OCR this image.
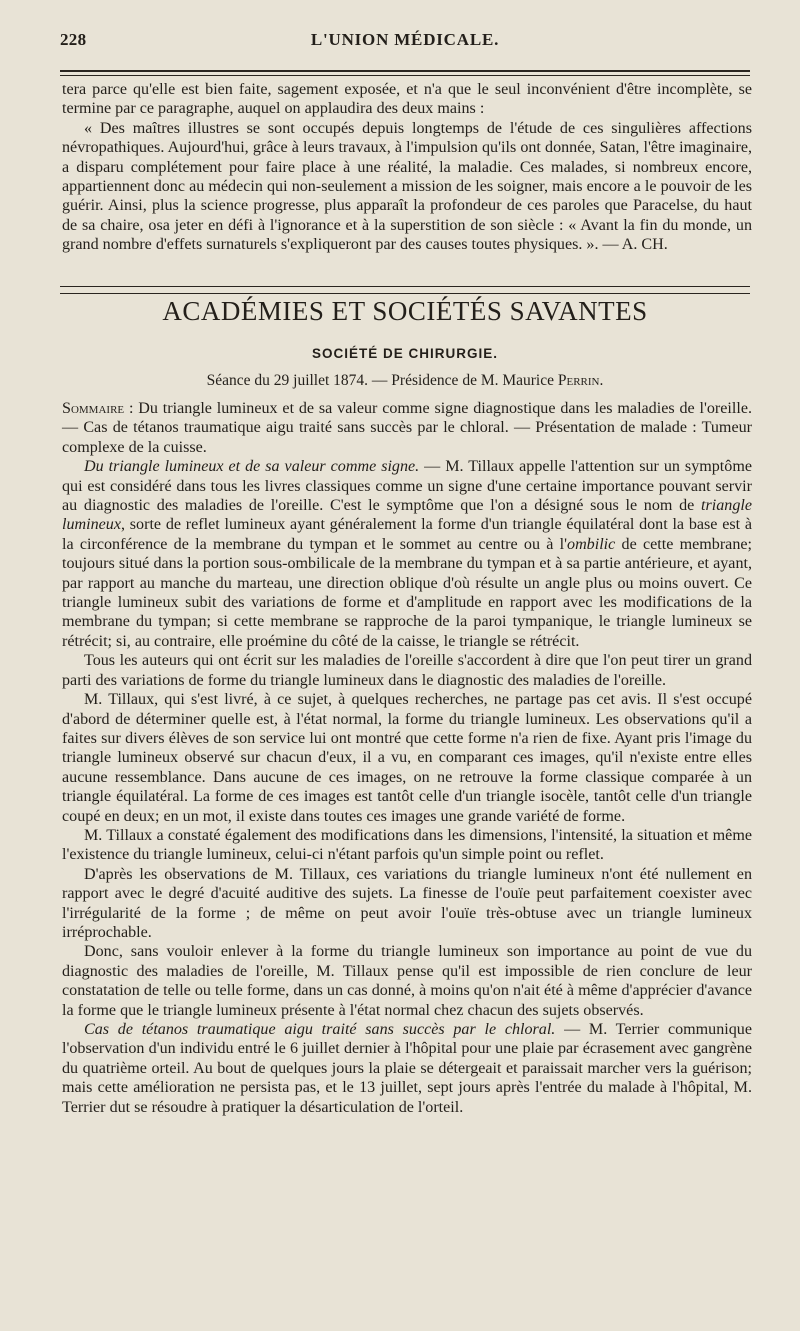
228	L'UNION MÉDICALE.

tera parce qu'elle est bien faite, sagement exposée, et n'a que le seul inconvénient d'être incomplète, se termine par ce paragraphe, auquel on applaudira des deux mains :

« Des maîtres illustres se sont occupés depuis longtemps de l'étude de ces singulières affections névropathiques. Aujourd'hui, grâce à leurs travaux, à l'impulsion qu'ils ont donnée, Satan, l'être imaginaire, a disparu complétement pour faire place à une réalité, la maladie. Ces malades, si nombreux encore, appartiennent donc au médecin qui non-seulement a mission de les soigner, mais encore a le pouvoir de les guérir. Ainsi, plus la science progresse, plus apparaît la profondeur de ces paroles que Paracelse, du haut de sa chaire, osa jeter en défi à l'ignorance et à la superstition de son siècle : « Avant la fin du monde, un grand nombre d'effets surnaturels s'expliqueront par des causes toutes physiques. ». — A. CH.

ACADÉMIES ET SOCIÉTÉS SAVANTES
SOCIÉTÉ DE CHIRURGIE.
Séance du 29 juillet 1874. — Présidence de M. Maurice Perrin.

Sommaire : Du triangle lumineux et de sa valeur comme signe diagnostique dans les maladies de l'oreille. — Cas de tétanos traumatique aigu traité sans succès par le chloral. — Présentation de malade : Tumeur complexe de la cuisse.

Du triangle lumineux et de sa valeur comme signe. — M. Tillaux appelle l'attention sur un symptôme qui est considéré dans tous les livres classiques comme un signe d'une certaine importance pouvant servir au diagnostic des maladies de l'oreille. C'est le symptôme que l'on a désigné sous le nom de triangle lumineux, sorte de reflet lumineux ayant généralement la forme d'un triangle équilatéral dont la base est à la circonférence de la membrane du tympan et le sommet au centre ou à l'ombilic de cette membrane; toujours situé dans la portion sous-ombilicale de la membrane du tympan et à sa partie antérieure, et ayant, par rapport au manche du marteau, une direction oblique d'où résulte un angle plus ou moins ouvert. Ce triangle lumineux subit des variations de forme et d'amplitude en rapport avec les modifications de la membrane du tympan; si cette membrane se rapproche de la paroi tympanique, le triangle lumineux se rétrécit; si, au contraire, elle proémine du côté de la caisse, le triangle se rétrécit.

Tous les auteurs qui ont écrit sur les maladies de l'oreille s'accordent à dire que l'on peut tirer un grand parti des variations de forme du triangle lumineux dans le diagnostic des maladies de l'oreille.

M. Tillaux, qui s'est livré, à ce sujet, à quelques recherches, ne partage pas cet avis. Il s'est occupé d'abord de déterminer quelle est, à l'état normal, la forme du triangle lumineux. Les observations qu'il a faites sur divers élèves de son service lui ont montré que cette forme n'a rien de fixe. Ayant pris l'image du triangle lumineux observé sur chacun d'eux, il a vu, en comparant ces images, qu'il n'existe entre elles aucune ressemblance. Dans aucune de ces images, on ne retrouve la forme classique comparée à un triangle équilatéral. La forme de ces images est tantôt celle d'un triangle isocèle, tantôt celle d'un triangle coupé en deux; en un mot, il existe dans toutes ces images une grande variété de forme.

M. Tillaux a constaté également des modifications dans les dimensions, l'intensité, la situation et même l'existence du triangle lumineux, celui-ci n'étant parfois qu'un simple point ou reflet.

D'après les observations de M. Tillaux, ces variations du triangle lumineux n'ont été nullement en rapport avec le degré d'acuité auditive des sujets. La finesse de l'ouïe peut parfaitement coexister avec l'irrégularité de la forme ; de même on peut avoir l'ouïe très-obtuse avec un triangle lumineux irréprochable.

Donc, sans vouloir enlever à la forme du triangle lumineux son importance au point de vue du diagnostic des maladies de l'oreille, M. Tillaux pense qu'il est impossible de rien conclure de leur constatation de telle ou telle forme, dans un cas donné, à moins qu'on n'ait été à même d'apprécier d'avance la forme que le triangle lumineux présente à l'état normal chez chacun des sujets observés.

Cas de tétanos traumatique aigu traité sans succès par le chloral. — M. Terrier communique l'observation d'un individu entré le 6 juillet dernier à l'hôpital pour une plaie par écrasement avec gangrène du quatrième orteil. Au bout de quelques jours la plaie se détergeait et paraissait marcher vers la guérison; mais cette amélioration ne persista pas, et le 13 juillet, sept jours après l'entrée du malade à l'hôpital, M. Terrier dut se résoudre à pratiquer la désarticulation de l'orteil.
